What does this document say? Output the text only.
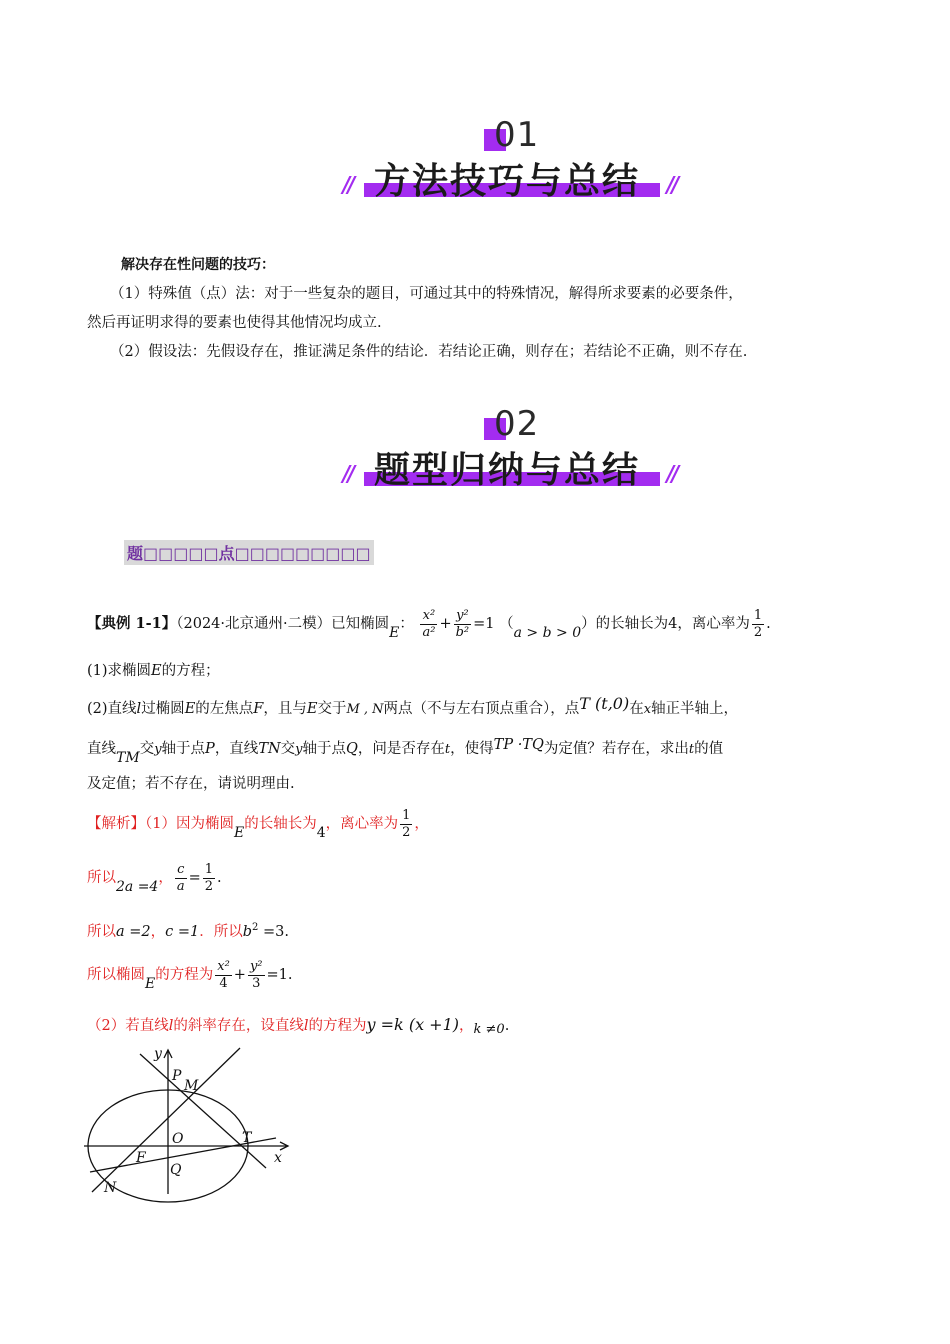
01
方法技巧与总结
//	//
解决存在性问题的技巧：
（1）特殊值（点）法：对于一些复杂的题目，可通过其中的特殊情况，解得所求要素的必要条件，
然后再证明求得的要素也使得其他情况均成立.
（2）假设法：先假设存在，推证满足条件的结论．若结论正确，则存在；若结论不正确，则不存在.
02
题型归纳与总结
//	//
题□□□□□点□□□□□□□□□
【典例 1-1】（2024·北京通州·二模）已知椭圆E： $\frac{\text{x²}}{\text{a²}} + \frac{\text{y²}}{\text{b²}} =1$ （a > b > 0）的长轴长为4，离心率为 $\frac{1}{2}$ .
(1)求椭圆E的方程；
(2)直线l过椭圆E的左焦点F，且与E交于M , N两点（不与左右顶点重合），点T (t,0)在x轴正半轴上，
直线TM交y轴于点P，直线TN交y轴于点Q，问是否存在t，使得TP ·TQ为定值？若存在，求出t的值
及定值；若不存在，请说明理由.
【解析】（1）因为椭圆E的长轴长为4，离心率为 $\frac{1}{2}$ ，
所以2a =4， $\frac{c}{a} = \frac{1}{2}$ .
所以a =2，c =1．所以$b^2 =3$.
所以椭圆E的方程为 $\frac{\text{x²}}{4} + \frac{\text{y²}}{3} =1$.
（2）若直线l的斜率存在，设直线l的方程为y =k (x +1)，k ≠0.
y
x
P
M
O	T
F
Q
N
